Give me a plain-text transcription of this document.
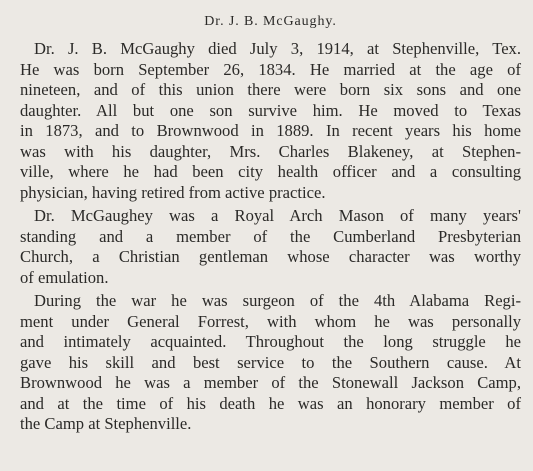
Dr. J. B. McGaughy.
Dr. J. B. McGaughy died July 3, 1914, at Stephenville, Tex.
He was born September 26, 1834. He married at the age of
nineteen, and of this union there were born six sons and one
daughter. All but one son survive him. He moved to Texas
in 1873, and to Brownwood in 1889. In recent years his home
was with his daughter, Mrs. Charles Blakeney, at Stephen-
ville, where he had been city health officer and a consulting
physician, having retired from active practice.
Dr. McGaughey was a Royal Arch Mason of many years'
standing and a member of the Cumberland Presbyterian
Church, a Christian gentleman whose character was worthy
of emulation.
During the war he was surgeon of the 4th Alabama Regi-
ment under General Forrest, with whom he was personally
and intimately acquainted. Throughout the long struggle he
gave his skill and best service to the Southern cause. At
Brownwood he was a member of the Stonewall Jackson Camp,
and at the time of his death he was an honorary member of
the Camp at Stephenville.
